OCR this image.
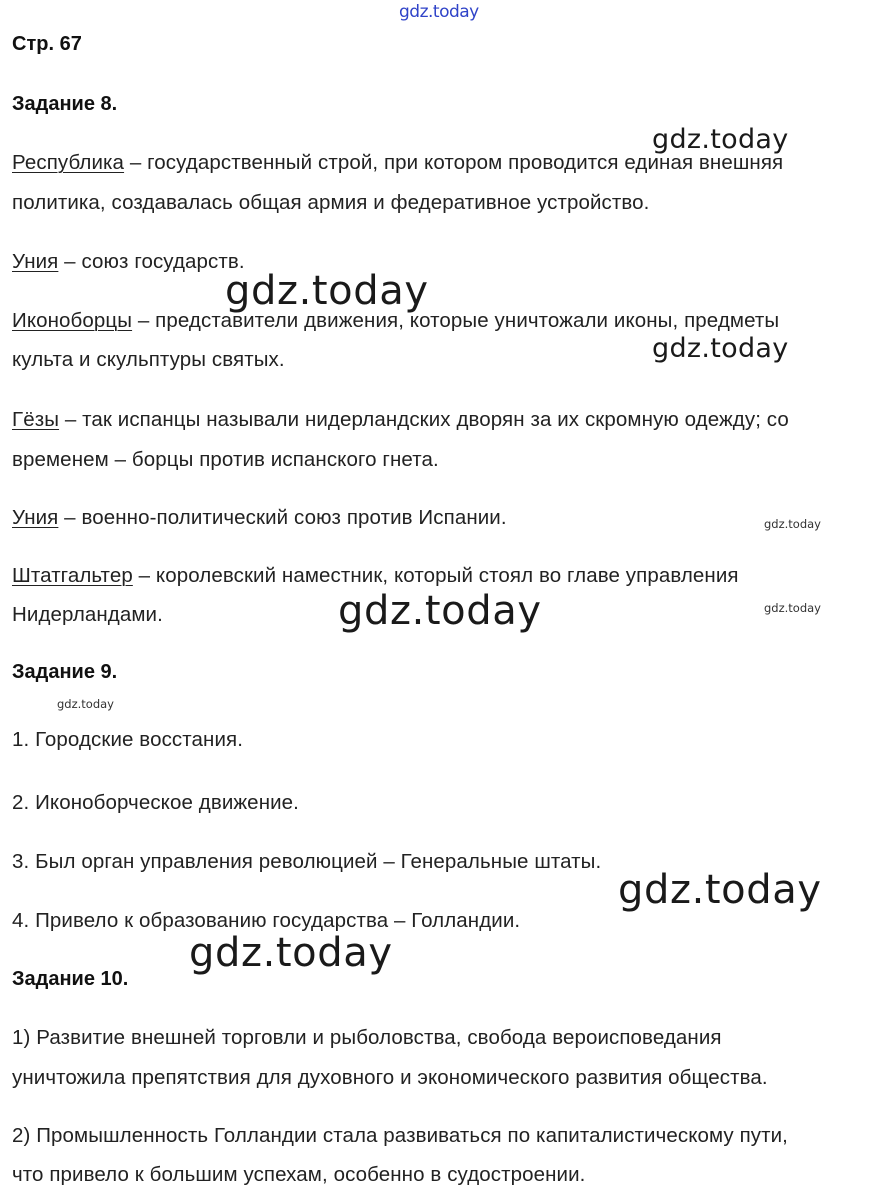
gdz.today
Стр. 67
Задание 8.
Республика – государственный строй, при котором проводится единая внешняя
политика, создавалась общая армия и федеративное устройство.
Уния – союз государств.
Иконоборцы – представители движения, которые уничтожали иконы, предметы
культа и скульптуры святых.
Гёзы – так испанцы называли нидерландских дворян за их скромную одежду; со
временем – борцы против испанского гнета.
Уния – военно-политический союз против Испании.
Штатгальтер – королевский наместник, который стоял во главе управления
Нидерландами.
Задание 9.
1. Городские восстания.
2. Иконоборческое движение.
3. Был орган управления революцией – Генеральные штаты.
4. Привело к образованию государства – Голландии.
Задание 10.
1) Развитие внешней торговли и рыболовства, свобода вероисповедания
уничтожила препятствия для духовного и экономического развития общества.
2) Промышленность Голландии стала развиваться по капиталистическому пути,
что привело к большим успехам, особенно в судостроении.
gdz.today
gdz.today
gdz.today
gdz.today
gdz.today	gdz.today
gdz.today
gdz.today
gdz.today
